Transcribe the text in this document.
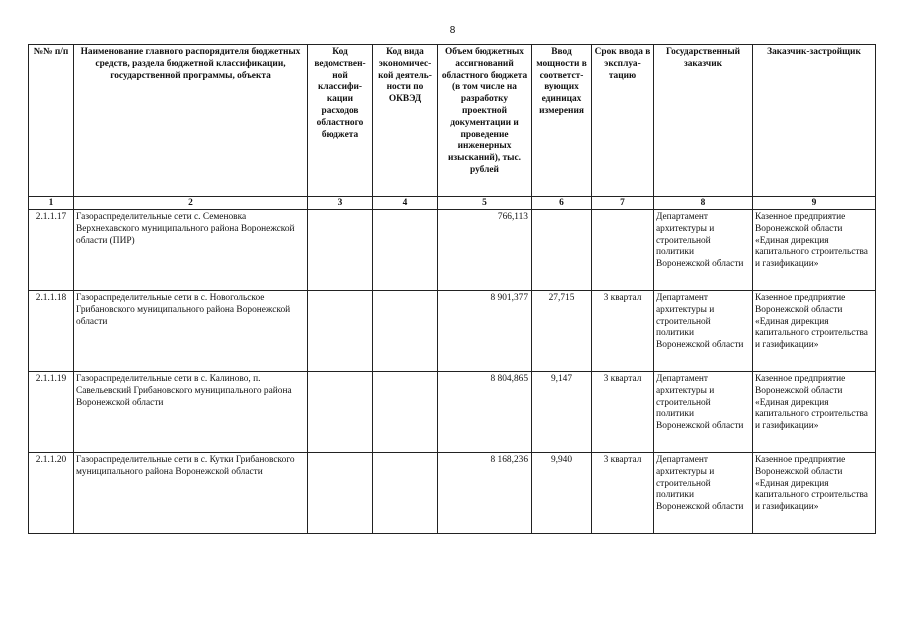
8
№№ п/п	Наименование главного распорядителя бюджетных средств, раздела бюджетной классификации, государственной программы, объекта	Код ведомствен-ной классифи-кации расходов областного бюджета	Код вида экономичес-кой деятель-ности по ОКВЭД	Объем бюджетных ассигнований областного бюджета (в том числе на разработку проектной документации и проведение инженерных изысканий), тыс. рублей	Ввод мощности в соответст-вующих единицах измерения	Срок ввода в эксплуа-тацию	Государственный заказчик	Заказчик-застройщик
1	2	3	4	5	6	7	8	9
2.1.1.17	Газораспределительные сети с. Семеновка Верхнехавского муниципального района Воронежской области (ПИР)			766,113			Департамент архитектуры и строительной политики Воронежской области	Казенное предприятие Воронежской области «Единая дирекция капитального строительства и газификации»
2.1.1.18	Газораспределительные сети в с. Новогольское Грибановского муниципального района Воронежской области			8 901,377	27,715	3 квартал	Департамент архитектуры и строительной политики Воронежской области	Казенное предприятие Воронежской области «Единая дирекция капитального строительства и газификации»
2.1.1.19	Газораспределительные сети в с. Калиново, п. Савельевский Грибановского муниципального района Воронежской области			8 804,865	9,147	3 квартал	Департамент архитектуры и строительной политики Воронежской области	Казенное предприятие Воронежской области «Единая дирекция капитального строительства и газификации»
2.1.1.20	Газораспределительные сети в с. Кутки Грибановского муниципального района Воронежской области			8 168,236	9,940	3 квартал	Департамент архитектуры и строительной политики Воронежской области	Казенное предприятие Воронежской области «Единая дирекция капитального строительства и газификации»
